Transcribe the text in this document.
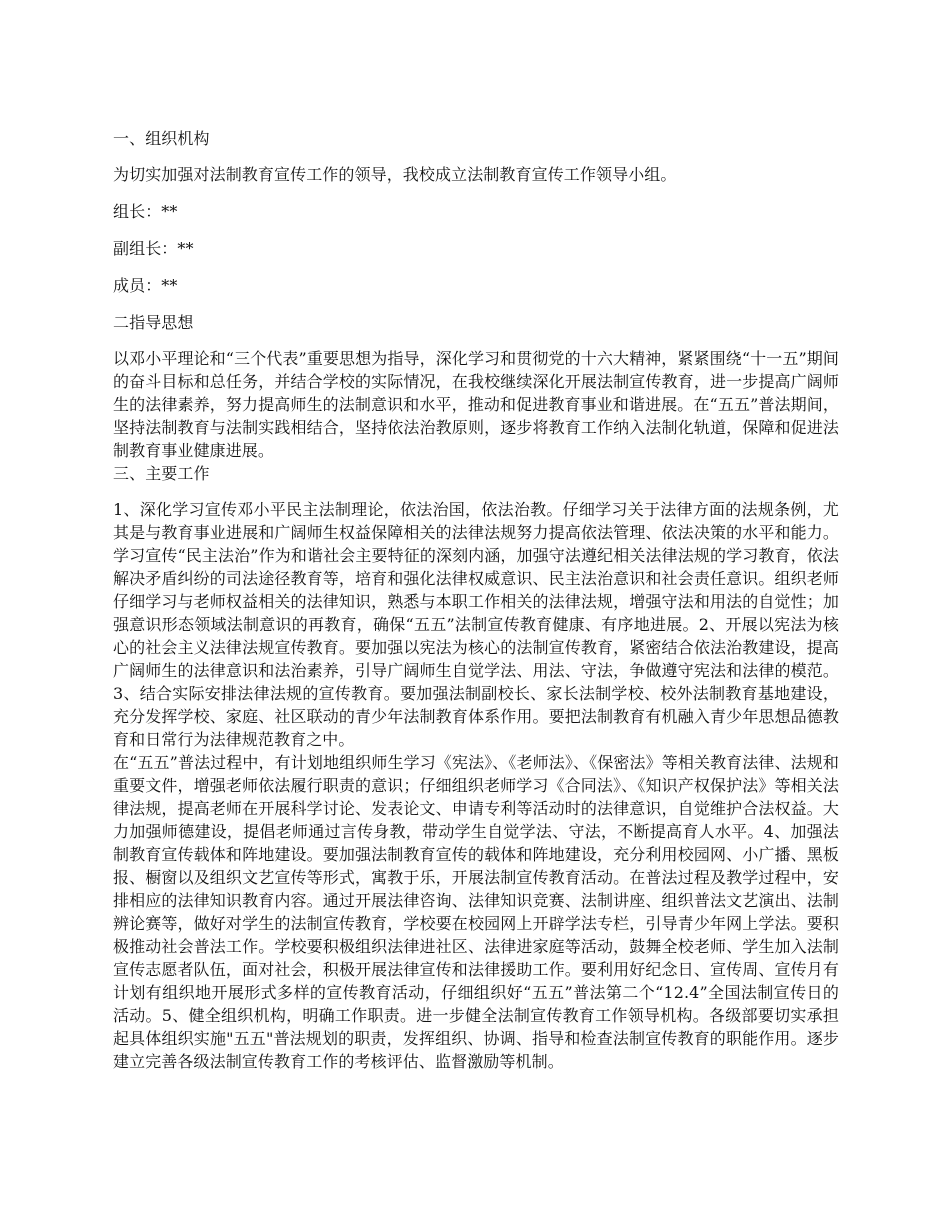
一、组织机构

为切实加强对法制教育宣传工作的领导，我校成立法制教育宣传工作领导小组。

组长：**

副组长：**

成员：**

二指导思想

以邓小平理论和“三个代表”重要思想为指导，深化学习和贯彻党的十六大精神，紧紧围绕“十一五”期间的奋斗目标和总任务，并结合学校的实际情况，在我校继续深化开展法制宣传教育，进一步提高广阔师生的法律素养，努力提高师生的法制意识和水平，推动和促进教育事业和谐进展。在“五五”普法期间，坚持法制教育与法制实践相结合，坚持依法治教原则，逐步将教育工作纳入法制化轨道，保障和促进法制教育事业健康进展。

三、主要工作

1、深化学习宣传邓小平民主法制理论，依法治国，依法治教。仔细学习关于法律方面的法规条例，尤其是与教育事业进展和广阔师生权益保障相关的法律法规努力提高依法管理、依法决策的水平和能力。学习宣传“民主法治”作为和谐社会主要特征的深刻内涵，加强守法遵纪相关法律法规的学习教育，依法解决矛盾纠纷的司法途径教育等，培育和强化法律权威意识、民主法治意识和社会责任意识。组织老师仔细学习与老师权益相关的法律知识，熟悉与本职工作相关的法律法规，增强守法和用法的自觉性；加强意识形态领域法制意识的再教育，确保“五五”法制宣传教育健康、有序地进展。2、开展以宪法为核心的社会主义法律法规宣传教育。要加强以宪法为核心的法制宣传教育，紧密结合依法治教建设，提高广阔师生的法律意识和法治素养，引导广阔师生自觉学法、用法、守法，争做遵守宪法和法律的模范。3、结合实际安排法律法规的宣传教育。要加强法制副校长、家长法制学校、校外法制教育基地建设，充分发挥学校、家庭、社区联动的青少年法制教育体系作用。要把法制教育有机融入青少年思想品德教育和日常行为法律规范教育之中。

在“五五”普法过程中，有计划地组织师生学习《宪法》、《老师法》、《保密法》等相关教育法律、法规和重要文件，增强老师依法履行职责的意识；仔细组织老师学习《合同法》、《知识产权保护法》等相关法律法规，提高老师在开展科学讨论、发表论文、申请专利等活动时的法律意识，自觉维护合法权益。大力加强师德建设，提倡老师通过言传身教，带动学生自觉学法、守法，不断提高育人水平。4、加强法制教育宣传载体和阵地建设。要加强法制教育宣传的载体和阵地建设，充分利用校园网、小广播、黑板报、橱窗以及组织文艺宣传等形式，寓教于乐，开展法制宣传教育活动。在普法过程及教学过程中，安排相应的法律知识教育内容。通过开展法律咨询、法律知识竞赛、法制讲座、组织普法文艺演出、法制辨论赛等，做好对学生的法制宣传教育，学校要在校园网上开辟学法专栏，引导青少年网上学法。要积极推动社会普法工作。学校要积极组织法律进社区、法律进家庭等活动，鼓舞全校老师、学生加入法制宣传志愿者队伍，面对社会，积极开展法律宣传和法律援助工作。要利用好纪念日、宣传周、宣传月有计划有组织地开展形式多样的宣传教育活动，仔细组织好“五五”普法第二个“12.4”全国法制宣传日的活动。5、健全组织机构，明确工作职责。进一步健全法制宣传教育工作领导机构。各级部要切实承担起具体组织实施"五五"普法规划的职责，发挥组织、协调、指导和检查法制宣传教育的职能作用。逐步建立完善各级法制宣传教育工作的考核评估、监督激励等机制。
